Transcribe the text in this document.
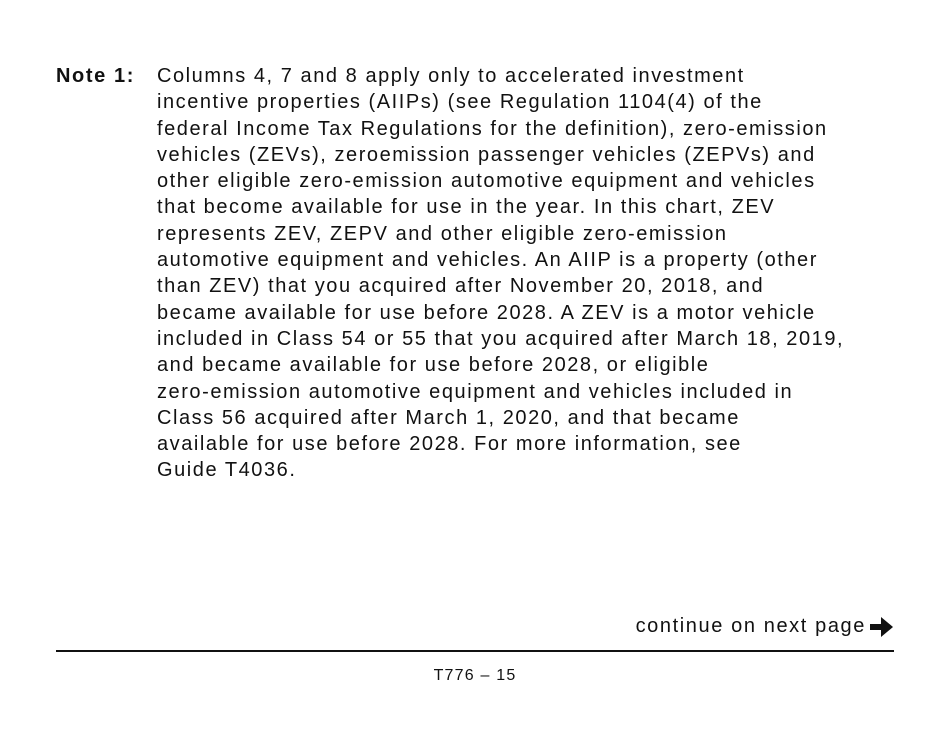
Note 1: Columns 4, 7 and 8 apply only to accelerated investment
incentive properties (AIIPs) (see Regulation 1104(4) of the
federal Income Tax Regulations for the definition), zero-emission
vehicles (ZEVs), zeroemission passenger vehicles (ZEPVs) and
other eligible zero-emission automotive equipment and vehicles
that become available for use in the year. In this chart, ZEV
represents ZEV, ZEPV and other eligible zero-emission
automotive equipment and vehicles. An AIIP is a property (other
than ZEV) that you acquired after November 20, 2018, and
became available for use before 2028. A ZEV is a motor vehicle
included in Class 54 or 55 that you acquired after March 18, 2019,
and became available for use before 2028, or eligible
zero-emission automotive equipment and vehicles included in
Class 56 acquired after March 1, 2020, and that became
available for use before 2028. For more information, see
Guide T4036.
continue on next page
T776 – 15
